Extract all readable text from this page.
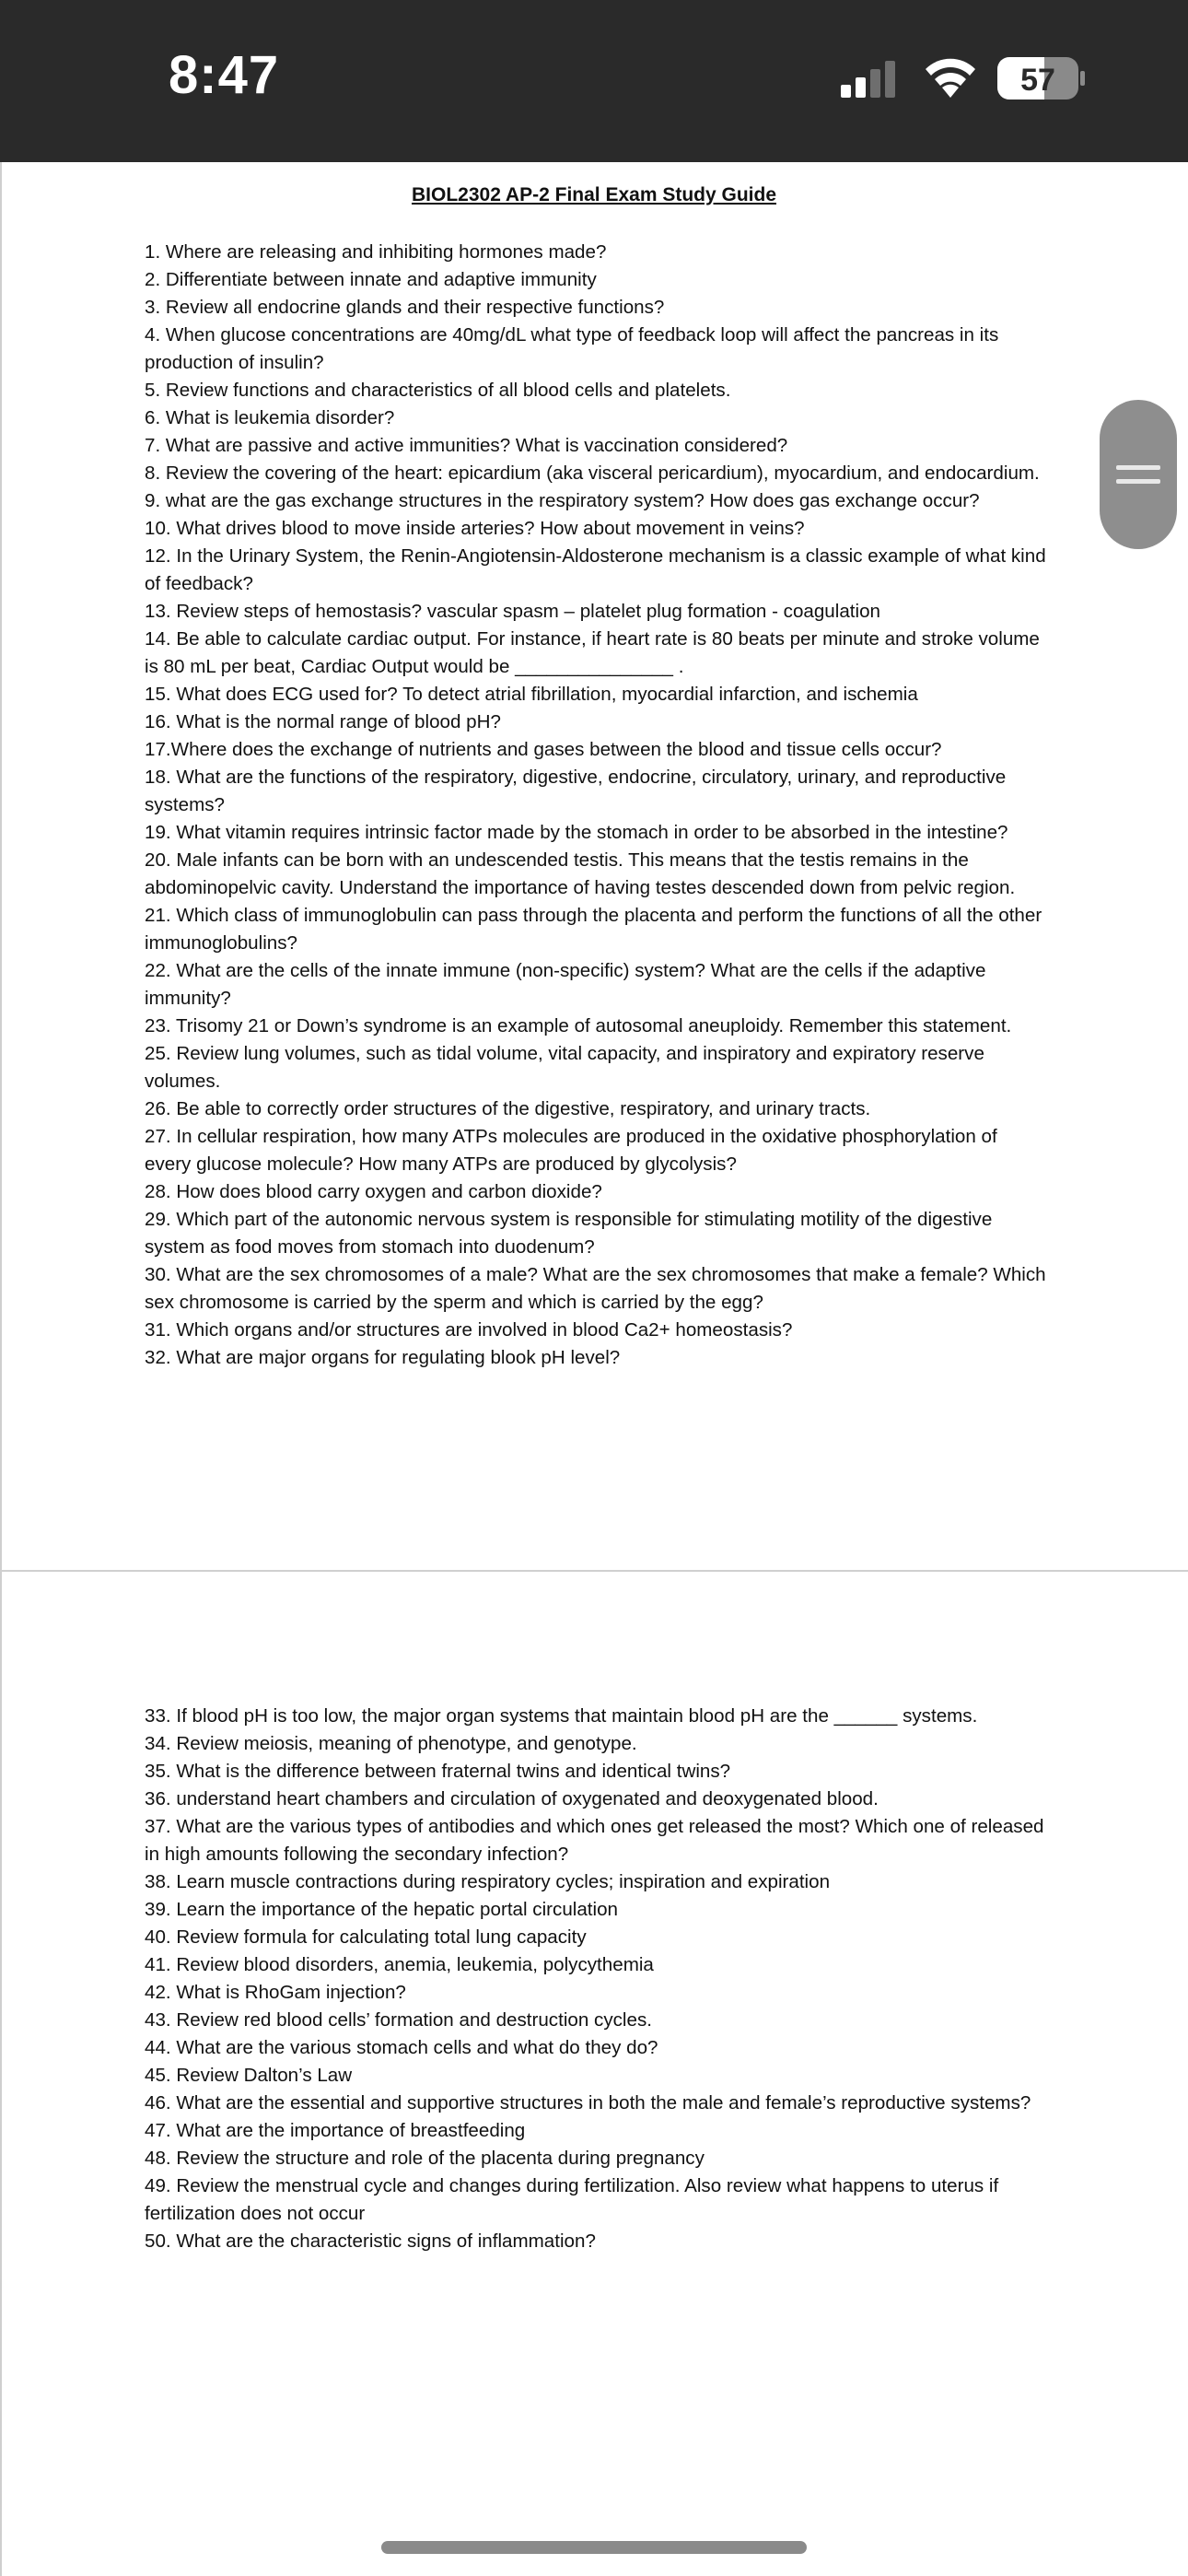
8:47	57
BIOL2302 AP-2 Final Exam Study Guide

1. Where are releasing and inhibiting hormones made?

2. Differentiate between innate and adaptive immunity

3. Review all endocrine glands and their respective functions?

4. When glucose concentrations are 40mg/dL what type of feedback loop will affect the pancreas in its production of insulin?

5. Review functions and characteristics of all blood cells and platelets.

6. What is leukemia disorder?

7. What are passive and active immunities? What is vaccination considered?

8. Review the covering of the heart: epicardium (aka visceral pericardium), myocardium, and endocardium.

9. what are the gas exchange structures in the respiratory system? How does gas exchange occur?

10. What drives blood to move inside arteries? How about movement in veins?

12. In the Urinary System, the Renin-Angiotensin-Aldosterone mechanism is a classic example of what kind of feedback?

13. Review steps of hemostasis? vascular spasm – platelet plug formation - coagulation

14. Be able to calculate cardiac output. For instance, if heart rate is 80 beats per minute and stroke volume is 80 mL per beat, Cardiac Output would be _______________ .

15. What does ECG used for? To detect atrial fibrillation, myocardial infarction, and ischemia

16. What is the normal range of blood pH?

17.Where does the exchange of nutrients and gases between the blood and tissue cells occur?

18. What are the functions of the respiratory, digestive, endocrine, circulatory, urinary, and reproductive systems?

19. What vitamin requires intrinsic factor made by the stomach in order to be absorbed in the intestine?

20. Male infants can be born with an undescended testis. This means that the testis remains in the abdominopelvic cavity. Understand the importance of having testes descended down from pelvic region.

21. Which class of immunoglobulin can pass through the placenta and perform the functions of all the other immunoglobulins?

22. What are the cells of the innate immune (non-specific) system? What are the cells if the adaptive immunity?

23. Trisomy 21 or Down’s syndrome is an example of autosomal aneuploidy. Remember this statement.

25. Review lung volumes, such as tidal volume, vital capacity, and inspiratory and expiratory reserve volumes.

26. Be able to correctly order structures of the digestive, respiratory, and urinary tracts.

27. In cellular respiration, how many ATPs molecules are produced in the oxidative phosphorylation of every glucose molecule? How many ATPs are produced by glycolysis?

28. How does blood carry oxygen and carbon dioxide?

29. Which part of the autonomic nervous system is responsible for stimulating motility of the digestive system as food moves from stomach into duodenum?

30. What are the sex chromosomes of a male? What are the sex chromosomes that make a female? Which sex chromosome is carried by the sperm and which is carried by the egg?

31. Which organs and/or structures are involved in blood Ca2+ homeostasis?

32. What are major organs for regulating blook pH level?

33. If blood pH is too low, the major organ systems that maintain blood pH are the ______ systems.

34. Review meiosis, meaning of phenotype, and genotype.

35. What is the difference between fraternal twins and identical twins?

36. understand heart chambers and circulation of oxygenated and deoxygenated blood.

37. What are the various types of antibodies and which ones get released the most? Which one of released in high amounts following the secondary infection?

38. Learn muscle contractions during respiratory cycles; inspiration and expiration

39. Learn the importance of the hepatic portal circulation

40. Review formula for calculating total lung capacity

41. Review blood disorders, anemia, leukemia, polycythemia

42. What is RhoGam injection?

43. Review red blood cells’ formation and destruction cycles.

44. What are the various stomach cells and what do they do?

45. Review Dalton’s Law

46. What are the essential and supportive structures in both the male and female’s reproductive systems?

47. What are the importance of breastfeeding

48. Review the structure and role of the placenta during pregnancy

49. Review the menstrual cycle and changes during fertilization. Also review what happens to uterus if fertilization does not occur

50. What are the characteristic signs of inflammation?
